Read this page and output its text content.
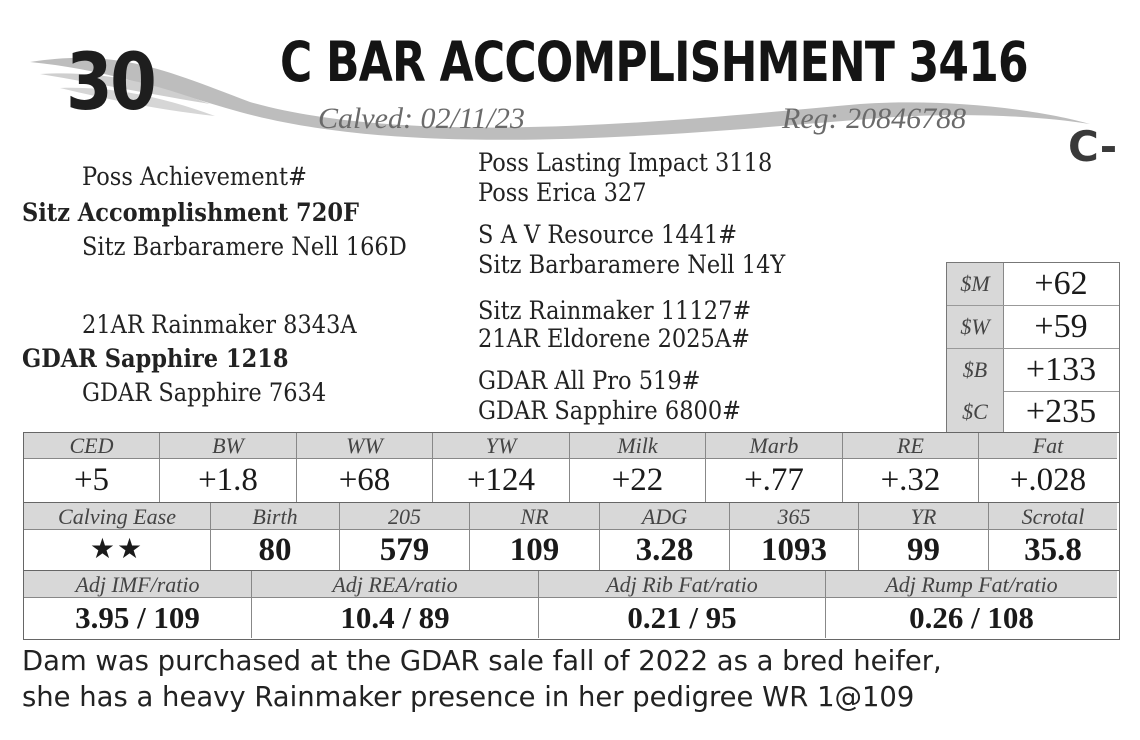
30 C BAR ACCOMPLISHMENT 3416
Calved: 02/11/23	Reg: 20846788
C-
Poss Achievement#
Sitz Accomplishment 720F
Sitz Barbaramere Nell 166D
21AR Rainmaker 8343A
GDAR Sapphire 1218
GDAR Sapphire 7634
Poss Lasting Impact 3118
Poss Erica 327
S A V Resource 1441#
Sitz Barbaramere Nell 14Y
Sitz Rainmaker 11127#
21AR Eldorene 2025A#
GDAR All Pro 519#
GDAR Sapphire 6800#
$M	+62
$W	+59
$B	+133
$C	+235
CED	BW	WW	YW	Milk	Marb	RE	Fat
+5	+1.8	+68	+124	+22	+.77	+.32	+.028
Calving Ease	Birth	205	NR	ADG	365	YR	Scrotal
★★	80	579	109	3.28	1093	99	35.8
Adj IMF/ratio	Adj REA/ratio	Adj Rib Fat/ratio	Adj Rump Fat/ratio
3.95 / 109	10.4 / 89	0.21 / 95	0.26 / 108
Dam was purchased at the GDAR sale fall of 2022 as a bred heifer,
she has a heavy Rainmaker presence in her pedigree WR 1@109
